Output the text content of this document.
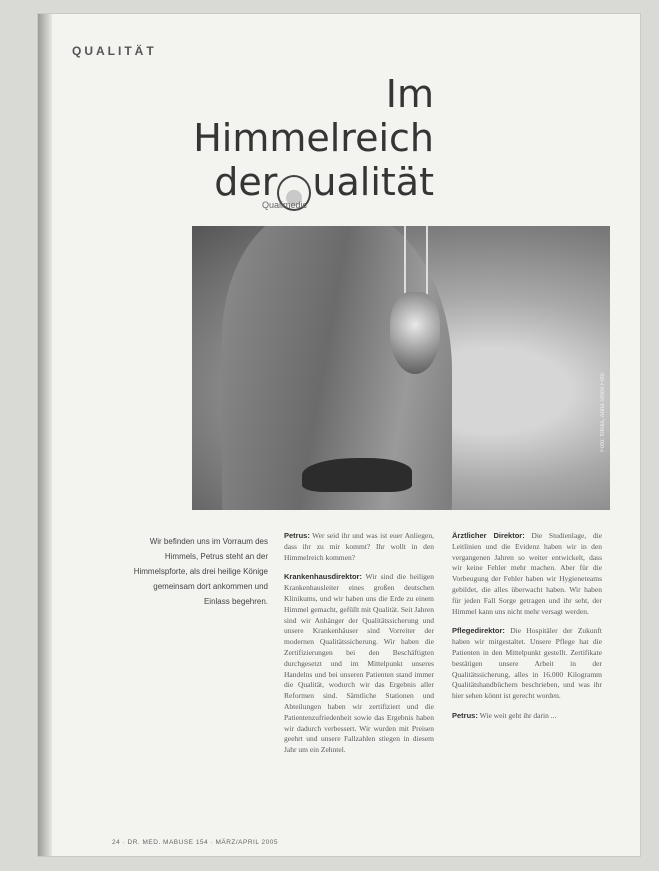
QUALITÄT
Im
Himmelreich
der ualität
Qualimedic
Foto: fotolia, Anna Shlov Foto
Wir befinden uns im Vorraum des Himmels, Petrus steht an der Himmelspforte, als drei heilige Könige gemeinsam dort ankommen und Einlass begehren.

Petrus: Wer seid ihr und was ist euer Anliegen, dass ihr zu mir kommt? Ihr wollt in den Himmelreich kommen?

Krankenhausdirektor: Wir sind die heiligen Krankenhausleiter eines großen deutschen Klinikums, und wir haben uns die Erde zu einem Himmel gemacht, gefüllt mit Qualität. Seit Jahren sind wir Anhänger der Qualitätssicherung und unsere Krankenhäuser sind Vorreiter der modernen Qualitätssicherung. Wir haben die Zertifizierungen bei den Beschäftigten durchgesetzt und im Mittelpunkt unseres Handelns und bei unseren Patienten stand immer die Qualität, wodurch wir das Ergebnis aller Reformen sind. Sämtliche Stationen und Abteilungen haben wir zertifiziert und die Patientenzufriedenheit sowie das Ergebnis haben wir dadurch verbessert. Wir wurden mit Preisen geehrt und unsere Fallzahlen stiegen in diesem Jahr um ein Zehntel.

Ärztlicher Direktor: Die Studienlage, die Leitlinien und die Evidenz haben wir in den vergangenen Jahren so weiter entwickelt, dass wir keine Fehler mehr machen. Aber für die Vorbeugung der Fehler haben wir Hygieneteams gebildet, die alles überwacht haben. Wir haben für jeden Fall Sorge getragen und ihr seht, der Himmel kann uns nicht mehr versagt werden.

Pflegedirektor: Die Hospitäler der Zukunft haben wir mitgestaltet. Unsere Pflege hat die Patienten in den Mittelpunkt gestellt. Zertifikate bestätigen unsere Arbeit in der Qualitätssicherung, alles in 16.000 Kilogramm Qualitätshandbüchern beschrieben, und was ihr hier sehen könnt ist gerecht worden.

Petrus: Wie weit geht ihr darin ...

24 · DR. MED. MABUSE 154 · MÄRZ/APRIL 2005
